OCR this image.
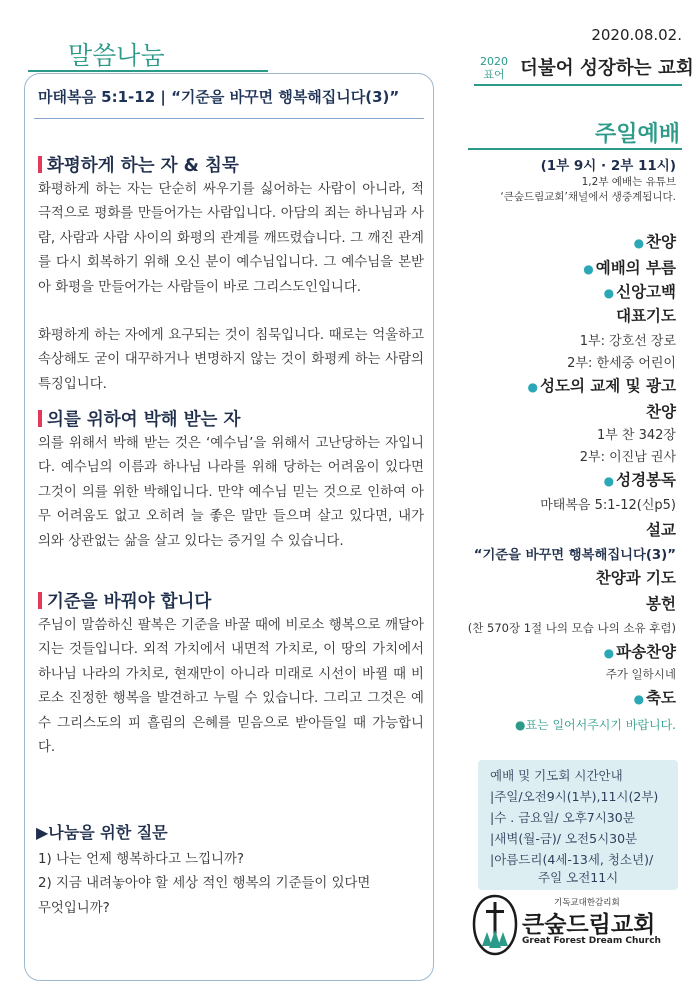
말씀나눔
마태복음 5:1-12 | “기준을 바꾸면 행복해집니다(3)”
화평하게 하는 자 & 침묵
화평하게 하는 자는 단순히 싸우기를 싫어하는 사람이 아니라, 적극적으로 평화를 만들어가는 사람입니다. 아담의 죄는 하나님과 사람, 사람과 사람 사이의 화평의 관계를 깨뜨렸습니다. 그 깨진 관계를 다시 회복하기 위해 오신 분이 예수님입니다. 그 예수님을 본받아 화평을 만들어가는 사람들이 바로 그리스도인입니다.
화평하게 하는 자에게 요구되는 것이 침묵입니다. 때로는 억울하고 속상해도 굳이 대꾸하거나 변명하지 않는 것이 화평케 하는 사람의 특징입니다.
의를 위하여 박해 받는 자
의를 위해서 박해 받는 것은 ‘예수님’을 위해서 고난당하는 자입니다. 예수님의 이름과 하나님 나라를 위해 당하는 어려움이 있다면 그것이 의를 위한 박해입니다. 만약 예수님 믿는 것으로 인하여 아무 어려움도 없고 오히려 늘 좋은 말만 들으며 살고 있다면, 내가 의와 상관없는 삶을 살고 있다는 증거일 수 있습니다.
기준을 바꿔야 합니다
주님이 말씀하신 팔복은 기준을 바꿀 때에 비로소 행복으로 깨달아지는 것들입니다. 외적 가치에서 내면적 가치로, 이 땅의 가치에서 하나님 나라의 가치로, 현재만이 아니라 미래로 시선이 바뀔 때 비로소 진정한 행복을 발견하고 누릴 수 있습니다. 그리고 그것은 예수 그리스도의 피 흘림의 은혜를 믿음으로 받아들일 때 가능합니다.
▶나눔을 위한 질문
1) 나는 언제 행복하다고 느낍니까?
2) 지금 내려놓아야 할 세상 적인 행복의 기준들이 있다면
무엇입니까?
2020.08.02.
2020
표어 더불어 성장하는 교회
주일예배
(1부 9시 · 2부 11시)
1,2부 예배는 유튜브
‘큰숲드림교회’채널에서 생중계됩니다.
● 찬양
● 예배의 부름
● 신앙고백
대표기도
1부: 강호선 장로
2부: 한세중 어린이
● 성도의 교제 및 광고
찬양
1부 찬 342장
2부: 이진남 권사
● 성경봉독
마태복음 5:1-12(신p5)
설교
“기준을 바꾸면 행복해집니다(3)”
찬양과 기도
봉헌
(찬 570장 1절 나의 모습 나의 소유 후렴)
● 파송찬양
주가 일하시네
● 축도
●표는 일어서주시기 바랍니다.
예배 및 기도회 시간안내
|주일/오전9시(1부),11시(2부)
|수 . 금요일/ 오후7시30분
|새벽(월-금)/ 오전5시30분
|아름드리(4세-13세, 청소년)/
주일 오전11시
기독교대한감리회
큰숲드림교회
Great Forest Dream Church
